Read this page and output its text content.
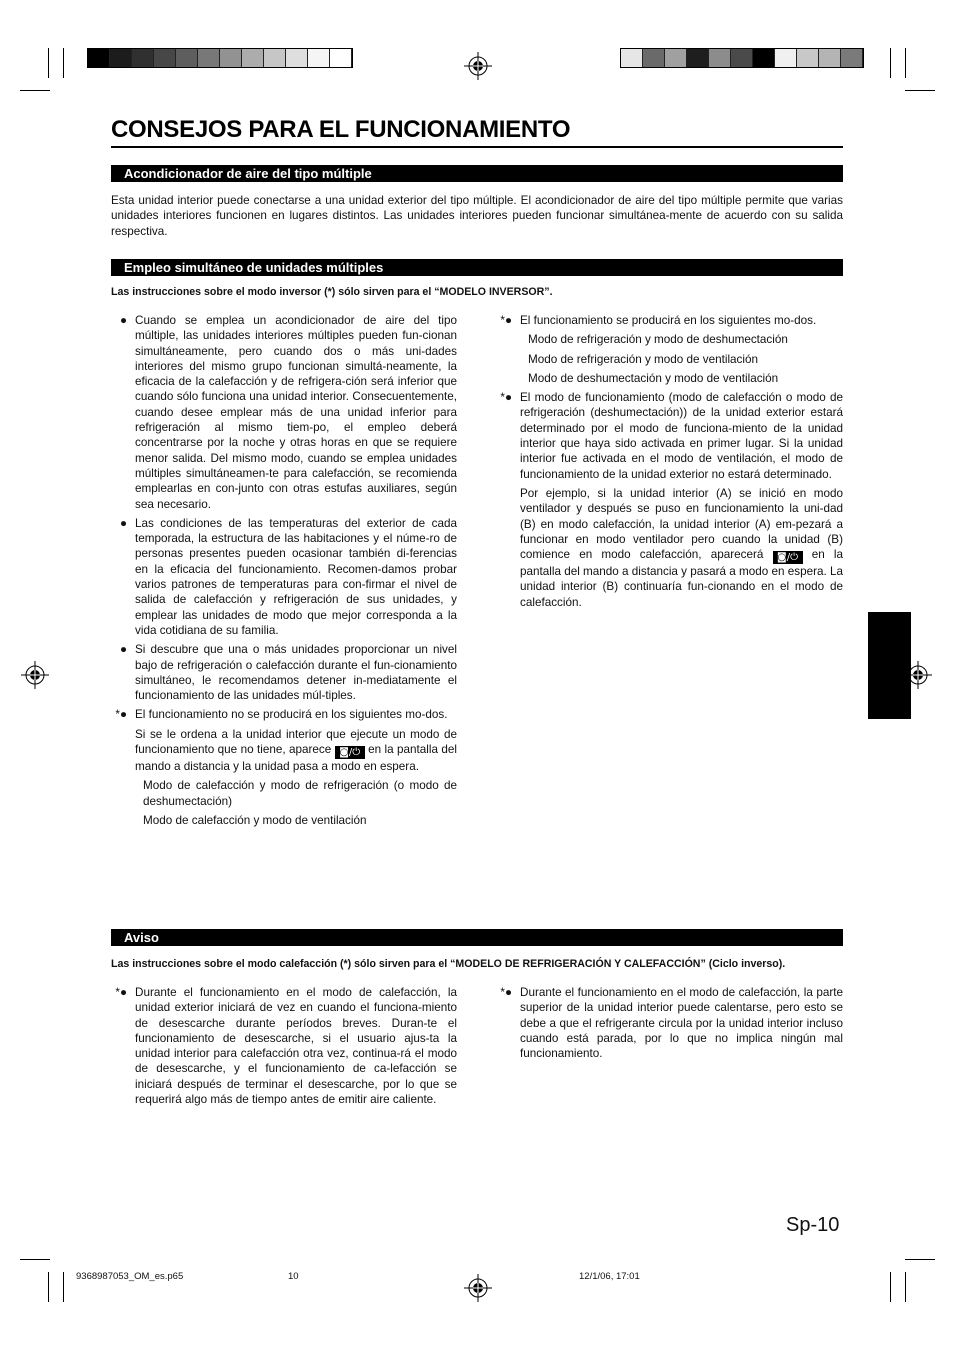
CONSEJOS PARA EL FUNCIONAMIENTO
Acondicionador de aire del tipo múltiple
Esta unidad interior puede conectarse a una unidad exterior del tipo múltiple. El acondicionador de aire del tipo múltiple permite que varias unidades interiores funcionen en lugares distintos. Las unidades interiores pueden funcionar simultánea-mente de acuerdo con su salida respectiva.
Empleo simultáneo de unidades múltiples
Las instrucciones sobre el modo inversor (*) sólo sirven para el “MODELO INVERSOR”.
● Cuando se emplea un acondicionador de aire del tipo múltiple, las unidades interiores múltiples pueden fun-cionan simultáneamente, pero cuando dos o más uni-dades interiores del mismo grupo funcionan simultá-neamente, la eficacia de la calefacción y de refrigera-ción será inferior que cuando sólo funciona una unidad interior. Consecuentemente, cuando desee emplear más de una unidad inferior para refrigeración al mismo tiem-po, el empleo deberá concentrarse por la noche y otras horas en que se requiere menor salida. Del mismo modo, cuando se emplea unidades múltiples simultáneamen-te para calefacción, se recomienda emplearlas en con-junto con otras estufas auxiliares, según sea necesario.
● Las condiciones de las temperaturas del exterior de cada temporada, la estructura de las habitaciones y el núme-ro de personas presentes pueden ocasionar también di-ferencias en la eficacia del funcionamiento. Recomen-damos probar varios patrones de temperaturas para con-firmar el nivel de salida de calefacción y refrigeración de sus unidades, y emplear las unidades de modo que mejor corresponda a la vida cotidiana de su familia.
● Si descubre que una o más unidades proporcionar un nivel bajo de refrigeración o calefacción durante el fun-cionamiento simultáneo, le recomendamos detener in-mediatamente el funcionamiento de las unidades múl-tiples.
*● El funcionamiento no se producirá en los siguientes mo-dos.
Si se le ordena a la unidad interior que ejecute un modo de funcionamiento que no tiene, aparece ◙/⏻ en la pantalla del mando a distancia y la unidad pasa a modo en espera.
Modo de calefacción y modo de refrigeración (o modo de deshumectación)
Modo de calefacción y modo de ventilación
*● El funcionamiento se producirá en los siguientes mo-dos.
Modo de refrigeración y modo de deshumectación
Modo de refrigeración y modo de ventilación
Modo de deshumectación y modo de ventilación
*● El modo de funcionamiento (modo de calefacción o modo de refrigeración (deshumectación)) de la unidad exterior estará determinado por el modo de funciona-miento de la unidad interior que haya sido activada en primer lugar. Si la unidad interior fue activada en el modo de ventilación, el modo de funcionamiento de la unidad exterior no estará determinado.
Por ejemplo, si la unidad interior (A) se inició en modo ventilador y después se puso en funcionamiento la uni-dad (B) en modo calefacción, la unidad interior (A) em-pezará a funcionar en modo ventilador pero cuando la unidad (B) comience en modo calefacción, aparecerá ◙/⏻ en la pantalla del mando a distancia y pasará a modo en espera. La unidad interior (B) continuaría fun-cionando en el modo de calefacción.
Aviso
Las instrucciones sobre el modo calefacción (*) sólo sirven para el “MODELO DE REFRIGERACIÓN Y CALEFACCIÓN” (Ciclo inverso).
*● Durante el funcionamiento en el modo de calefacción, la unidad exterior iniciará de vez en cuando el funciona-miento de desescarche durante períodos breves. Duran-te el funcionamiento de desescarche, si el usuario ajus-ta la unidad interior para calefacción otra vez, continua-rá el modo de desescarche, y el funcionamiento de ca-lefacción se iniciará después de terminar el desescarche, por lo que se requerirá algo más de tiempo antes de emitir aire caliente.
*● Durante el funcionamiento en el modo de calefacción, la parte superior de la unidad interior puede calentarse, pero esto se debe a que el refrigerante circula por la unidad interior incluso cuando está parada, por lo que no implica ningún mal funcionamiento.
Sp-10
9368987053_OM_es.p65	10	12/1/06, 17:01
